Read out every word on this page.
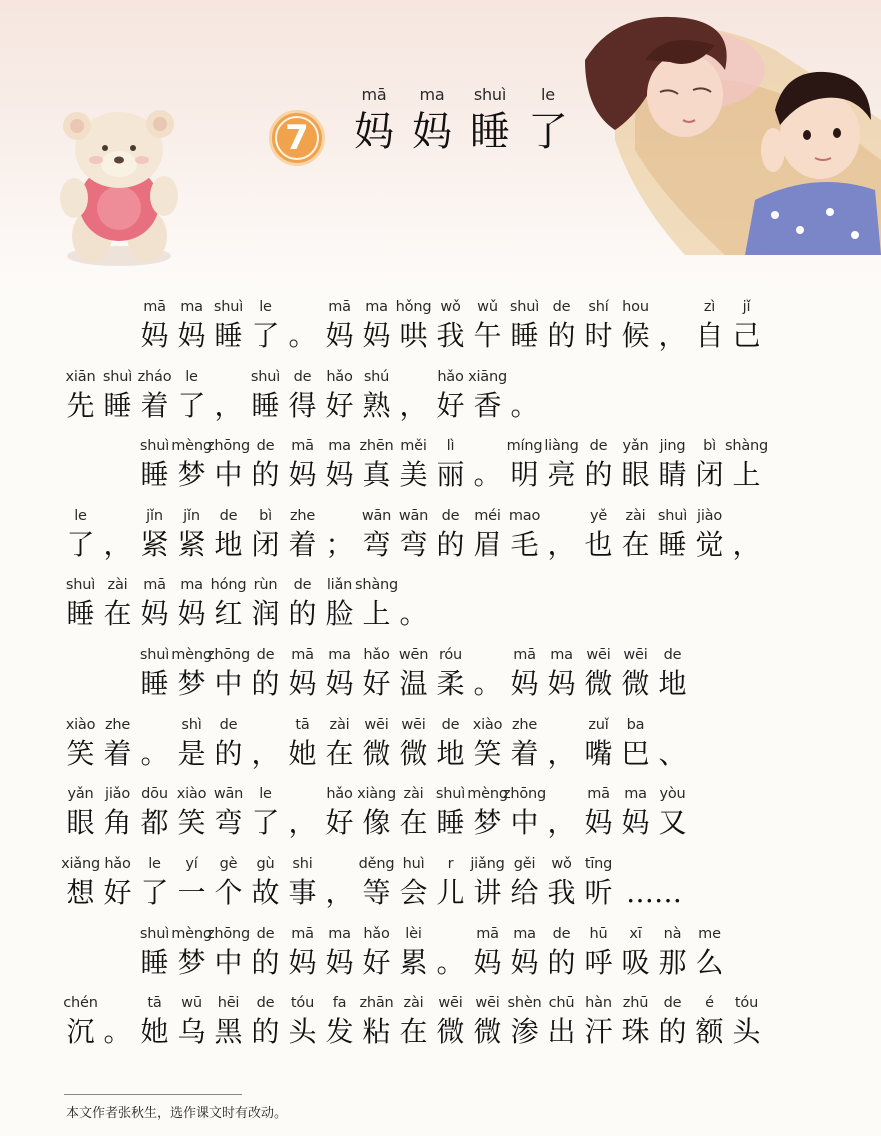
7
mā
妈
ma
妈
shuì
睡
le
了
mā
妈
ma
妈
shuì
睡
le
了 。
mā
妈
ma
妈
hǒng
哄
wǒ
我
wǔ
午
shuì
睡
de
的
shí
时
hou
候 ，
zì
自
jǐ
己
xiān
先
shuì
睡
zháo
着
le
了 ，
shuì
睡
de
得
hǎo
好
shú
熟 ，
hǎo
好
xiāng
香 。
shuì
睡
mèng
梦
zhōng
中
de
的
mā
妈
ma
妈
zhēn
真
měi
美
lì
丽 。
míng
明
liàng
亮
de
的
yǎn
眼
jing
睛
bì
闭
shàng
上
le
了 ，
jǐn
紧
jǐn
紧
de
地
bì
闭
zhe
着 ；
wān
弯
wān
弯
de
的
méi
眉
mao
毛 ，
yě
也
zài
在
shuì
睡
jiào
觉 ，
shuì
睡
zài
在
mā
妈
ma
妈
hóng
红
rùn
润
de
的
liǎn
脸
shàng
上 。
shuì
睡
mèng
梦
zhōng
中
de
的
mā
妈
ma
妈
hǎo
好
wēn
温
róu
柔 。
mā
妈
ma
妈
wēi
微
wēi
微
de
地
xiào
笑
zhe
着 。
shì
是
de
的 ，
tā
她
zài
在
wēi
微
wēi
微
de
地
xiào
笑
zhe
着 ，
zuǐ
嘴
ba
巴 、
yǎn
眼
jiǎo
角
dōu
都
xiào
笑
wān
弯
le
了 ，
hǎo
好
xiàng
像
zài
在
shuì
睡
mèng
梦
zhōng
中 ，
mā
妈
ma
妈
yòu
又
xiǎng
想
hǎo
好
le
了
yí
一
gè
个
gù
故
shi
事 ，
děng
等
huì
会
r
儿
jiǎng
讲
gěi
给
wǒ
我
tīng
听 ……
shuì
睡
mèng
梦
zhōng
中
de
的
mā
妈
ma
妈
hǎo
好
lèi
累 。
mā
妈
ma
妈
de
的
hū
呼
xī
吸
nà
那
me
么
chén
沉 。
tā
她
wū
乌
hēi
黑
de
的
tóu
头
fa
发
zhān
粘
zài
在
wēi
微
wēi
微
shèn
渗
chū
出
hàn
汗
zhū
珠
de
的
é
额
tóu
头
本文作者张秋生，选作课文时有改动。
